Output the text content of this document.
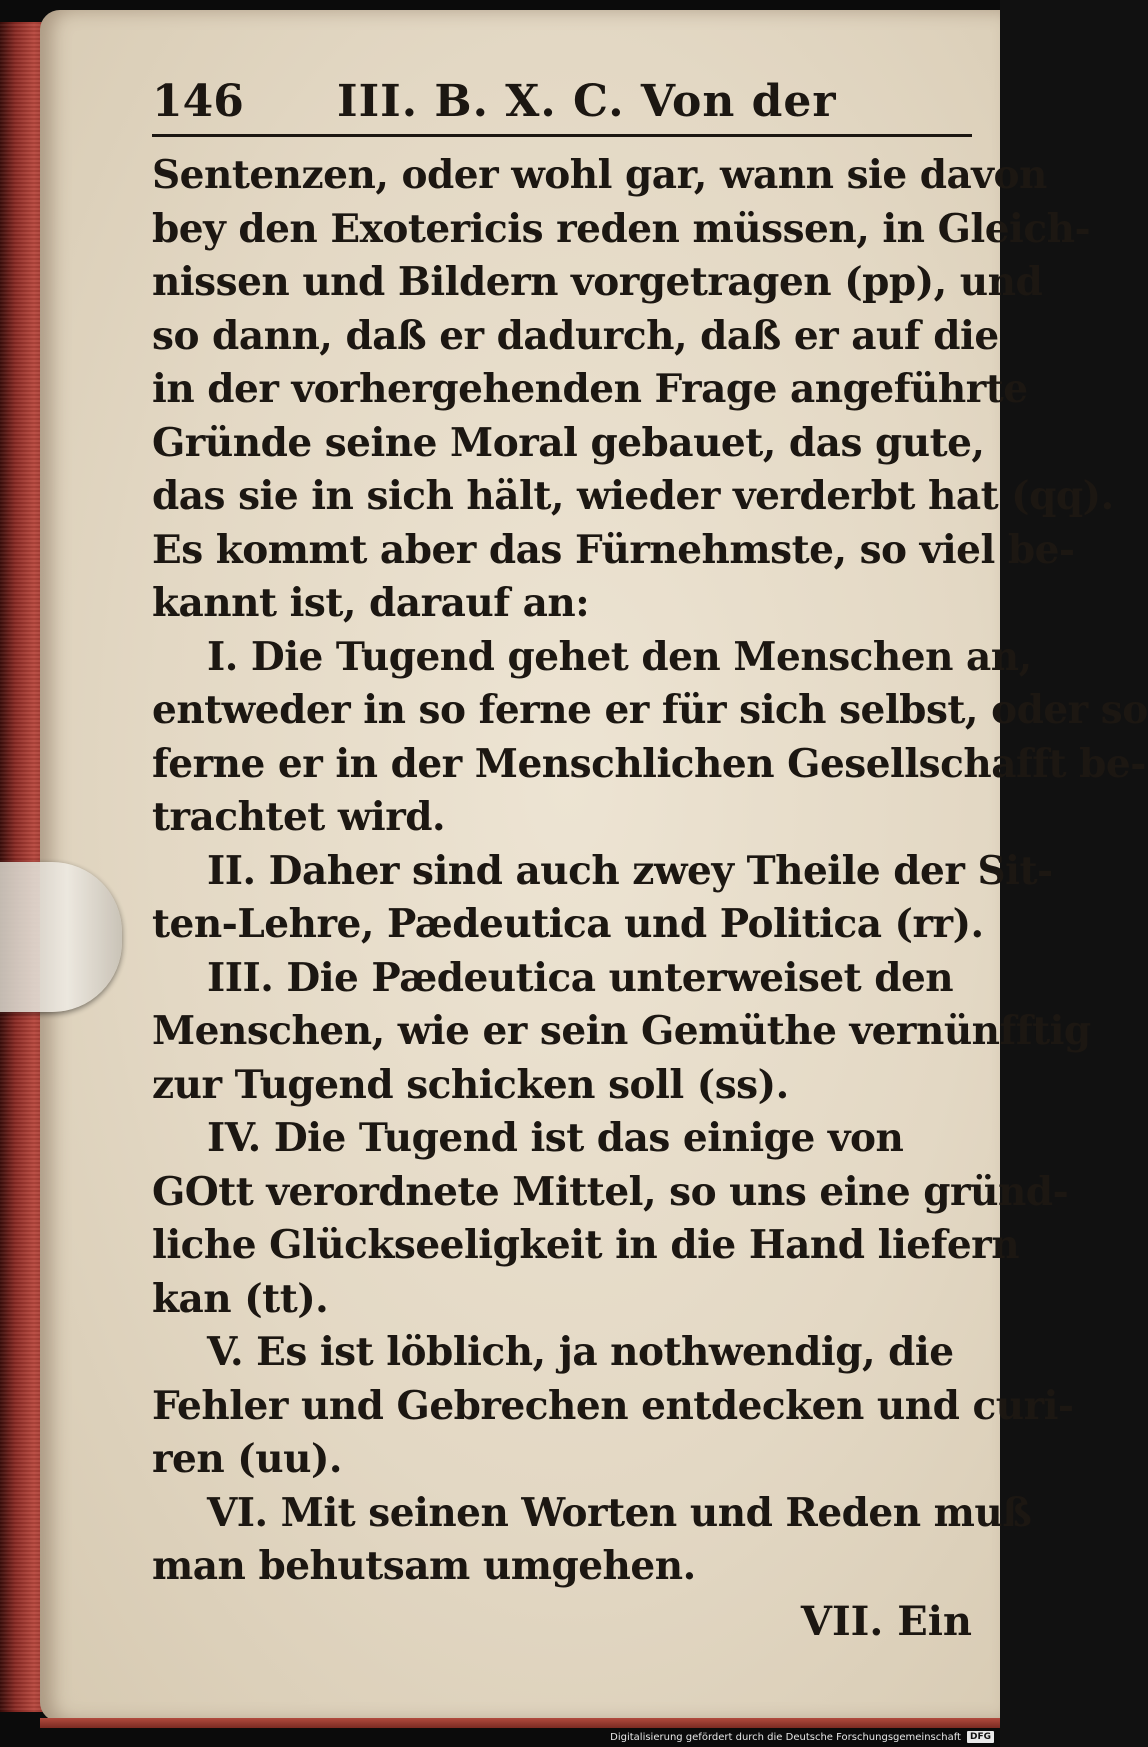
146 III. B. X. C. Von der
Sentenzen, oder wohl gar, wann sie davon
bey den Exotericis reden müssen, in Gleich-
nissen und Bildern vorgetragen (pp), und
so dann, daß er dadurch, daß er auf die
in der vorhergehenden Frage angeführte
Gründe seine Moral gebauet, das gute,
das sie in sich hält, wieder verderbt hat (qq).
Es kommt aber das Fürnehmste, so viel be-
kannt ist, darauf an:
I. Die Tugend gehet den Menschen an,
entweder in so ferne er für sich selbst, oder so
ferne er in der Menschlichen Gesellschafft be-
trachtet wird.
II. Daher sind auch zwey Theile der Sit-
ten-Lehre, Pædeutica und Politica (rr).
III. Die Pædeutica unterweiset den
Menschen, wie er sein Gemüthe vernünfftig
zur Tugend schicken soll (ss).
IV. Die Tugend ist das einige von
GOtt verordnete Mittel, so uns eine gründ-
liche Glückseeligkeit in die Hand liefern
kan (tt).
V. Es ist löblich, ja nothwendig, die
Fehler und Gebrechen entdecken und curi-
ren (uu).
VI. Mit seinen Worten und Reden muß
man behutsam umgehen.
VII. Ein
Digitalisierung gefördert durch die Deutsche Forschungsgemeinschaft	DFG
